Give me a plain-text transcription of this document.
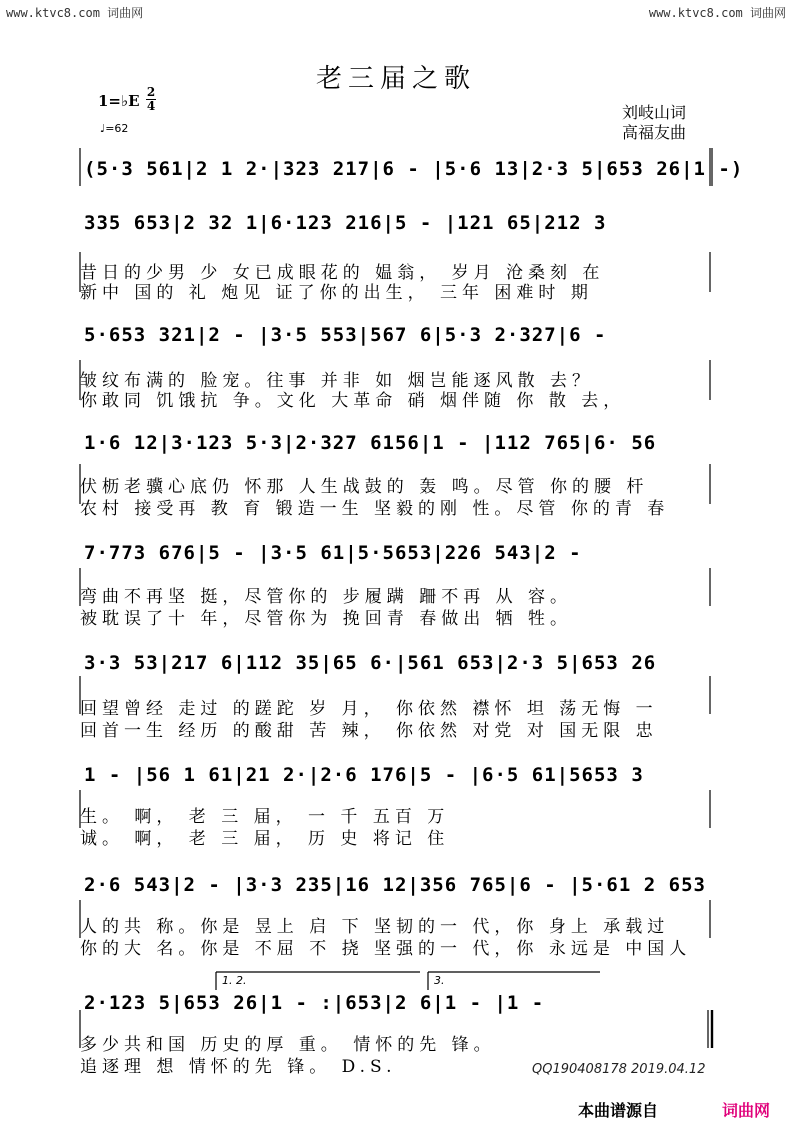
www.ktvc8.com 词曲网	www.ktvc8.com 词曲网
老三届之歌
1=♭E 2
4
♩=62
刘岐山词
高福友曲
(5·3 561|2 1 2·|323 217|6 - |5·6 13|2·3 5|653 26|1 -)
335 653|2 32 1|6·123 216|5 - |121 65|212 3
昔日的少男 少 女已成眼花的 媪翁， 岁月 沧桑刻 在
新中 国的 礼 炮见 证了你的出生， 三年 困难时 期
5·653 321|2 - |3·5 553|567 6|5·3 2·327|6 -
皱纹布满的 脸宠。往事 并非 如 烟岂能逐风散 去？
你敢同 饥饿抗 争。文化 大革命 硝 烟伴随 你 散 去，
1·6 12|3·123 5·3|2·327 6156|1 - |112 765|6· 56
伏枥老骥心底仍 怀那 人生战鼓的 轰 鸣。尽管 你的腰 杆
农村 接受再 教 育 锻造一生 坚毅的刚 性。尽管 你的青 春
7·773 676|5 - |3·5 61|5·5653|226 543|2 -
弯曲不再坚 挺，尽管你的 步履蹒 跚不再 从 容。
被耽误了十 年，尽管你为 挽回青 春做出 牺 牲。
3·3 53|217 6|112 35|65 6·|561 653|2·3 5|653 26
回望曾经 走过 的蹉跎 岁 月， 你依然 襟怀 坦 荡无悔 一
回首一生 经历 的酸甜 苦 辣， 你依然 对党 对 国无限 忠
1 - |56 1 61|21 2·|2·6 176|5 - |6·5 61|5653 3
生。 啊， 老 三 届， 一 千 五百 万
诚。 啊， 老 三 届， 历 史 将记 住
2·6 543|2 - |3·3 235|16 12|356 765|6 - |5·61 2 653
人的共 称。你是 昱上 启 下 坚韧的一 代，你 身上 承载过
你的大 名。你是 不屈 不 挠 坚强的一 代，你 永远是 中国人
1. 2.	3.
2·123 5|653 26|1 - :|653|2 6|1 - |1 -
多少共和国 历史的厚 重。 情怀的先 锋。
追逐理 想 情怀的先 锋。 D.S.	QQ190408178 2019.04.12
本曲谱源自	词曲网
